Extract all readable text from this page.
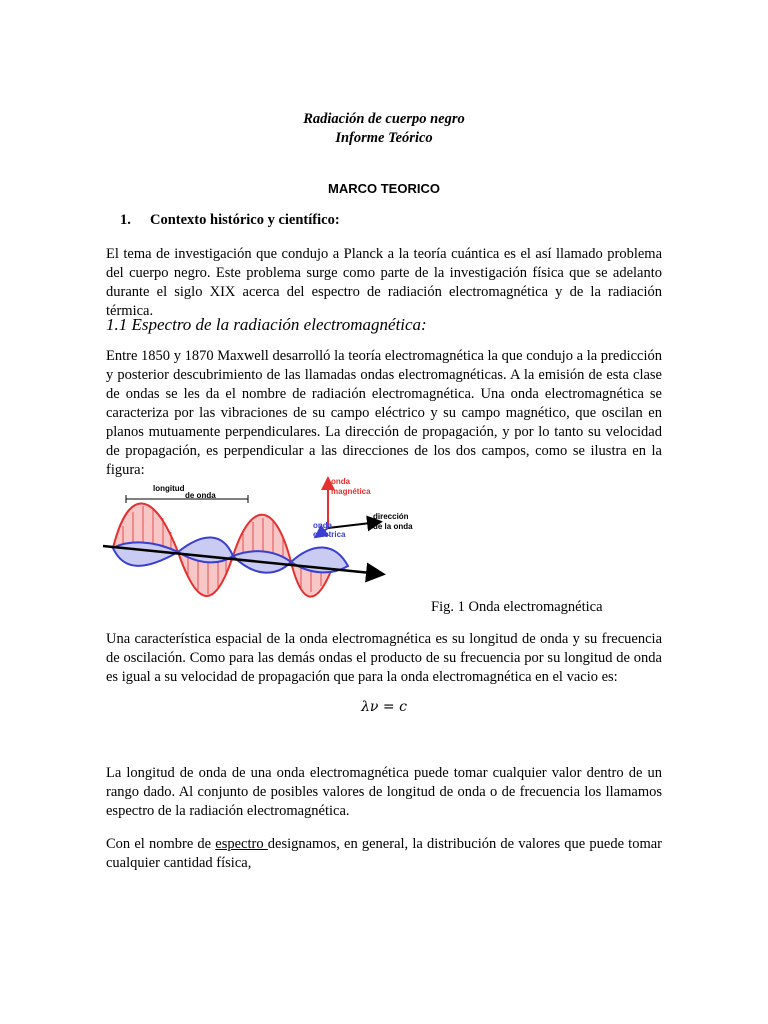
Radiación de cuerpo negro
Informe Teórico
MARCO TEORICO
1. Contexto histórico y científico:
El tema de investigación que condujo a Planck a la teoría cuántica es el así llamado problema del cuerpo negro. Este problema surge como parte de la investigación física que se adelanto durante el siglo XIX acerca del espectro de radiación electromagnética y de la radiación térmica.
1.1 Espectro de la radiación electromagnética:
Entre 1850 y 1870 Maxwell desarrolló la teoría electromagnética la que condujo a la predicción y posterior descubrimiento de las llamadas ondas electromagnéticas. A la emisión de esta clase de ondas se les da el nombre de radiación electromagnética. Una onda electromagnética se caracteriza por las vibraciones de su campo eléctrico y su campo magnético, que oscilan en planos mutuamente perpendiculares. La dirección de propagación, y por lo tanto su velocidad de propagación, es perpendicular a las direcciones de los dos campos, como se ilustra en la figura:
longitud
de onda
onda
magnética
dirección
de la onda
onda
electrica
Fig. 1 Onda electromagnética
Una característica espacial de la onda electromagnética es su longitud de onda y su frecuencia de oscilación. Como para las demás ondas el producto de su frecuencia por su longitud de onda es igual a su velocidad de propagación que para la onda electromagnética en el vacio es:
λν = c
La longitud de onda de una onda electromagnética puede tomar cualquier valor dentro de un rango dado. Al conjunto de posibles valores de longitud de onda o de frecuencia los llamamos espectro de la radiación electromagnética.
Con el nombre de espectro designamos, en general, la distribución de valores que puede tomar cualquier cantidad física,
